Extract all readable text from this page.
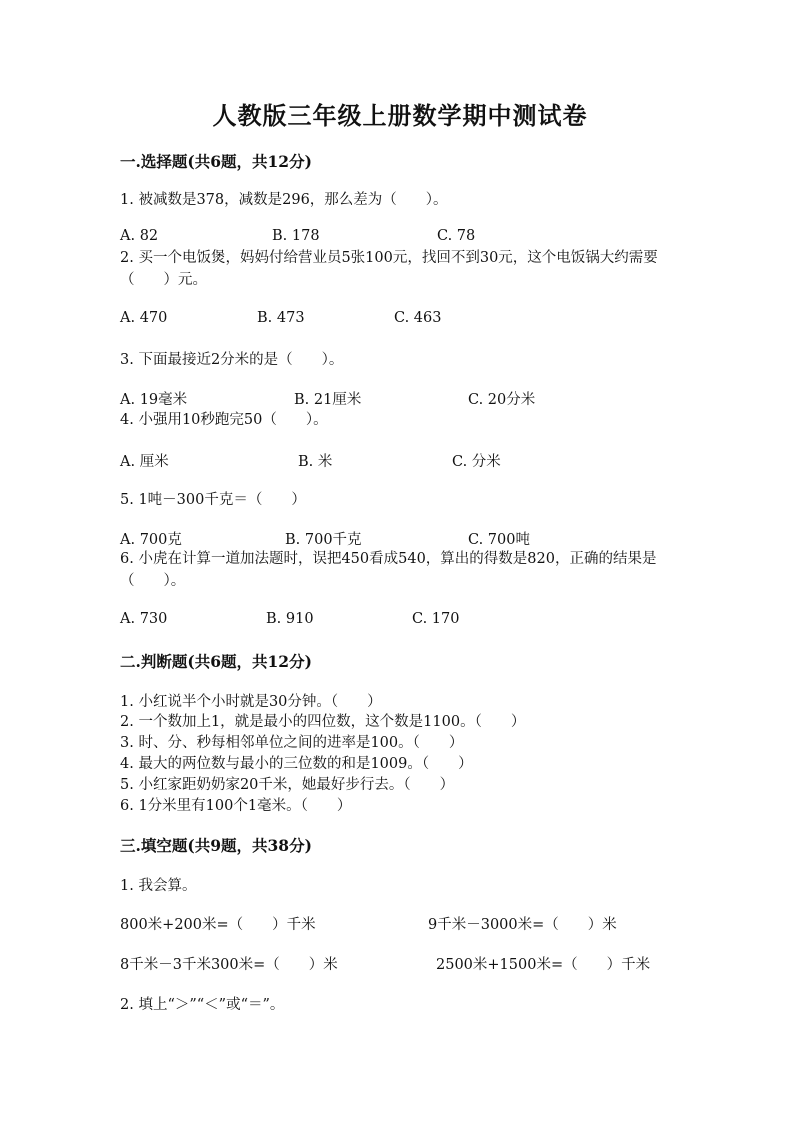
人教版三年级上册数学期中测试卷
一.选择题(共6题，共12分)
1. 被减数是378，减数是296，那么差为（　　）。
A. 82	B. 178	C. 78
2. 买一个电饭煲，妈妈付给营业员5张100元，找回不到30元，这个电饭锅大约需要（　　）元。
A. 470	B. 473	C. 463
3. 下面最接近2分米的是（　　）。
A. 19毫米	B. 21厘米	C. 20分米
4. 小强用10秒跑完50（　　）。
A. 厘米	B. 米	C. 分米
5. 1吨－300千克＝（　　）
A. 700克	B. 700千克	C. 700吨
6. 小虎在计算一道加法题时，误把450看成540，算出的得数是820，正确的结果是（　　）。
A. 730	B. 910	C. 170
二.判断题(共6题，共12分)
1. 小红说半个小时就是30分钟。（　　）
2. 一个数加上1，就是最小的四位数，这个数是1100。（　　）
3. 时、分、秒每相邻单位之间的进率是100。（　　）
4. 最大的两位数与最小的三位数的和是1009。（　　）
5. 小红家距奶奶家20千米，她最好步行去。（　　）
6. 1分米里有100个1毫米。（　　）
三.填空题(共9题，共38分)
1. 我会算。
800米+200米=（　　）千米	9千米－3000米=（　　）米
8千米－3千米300米=（　　）米	2500米+1500米=（　　）千米
2. 填上“＞”“＜”或“＝”。
